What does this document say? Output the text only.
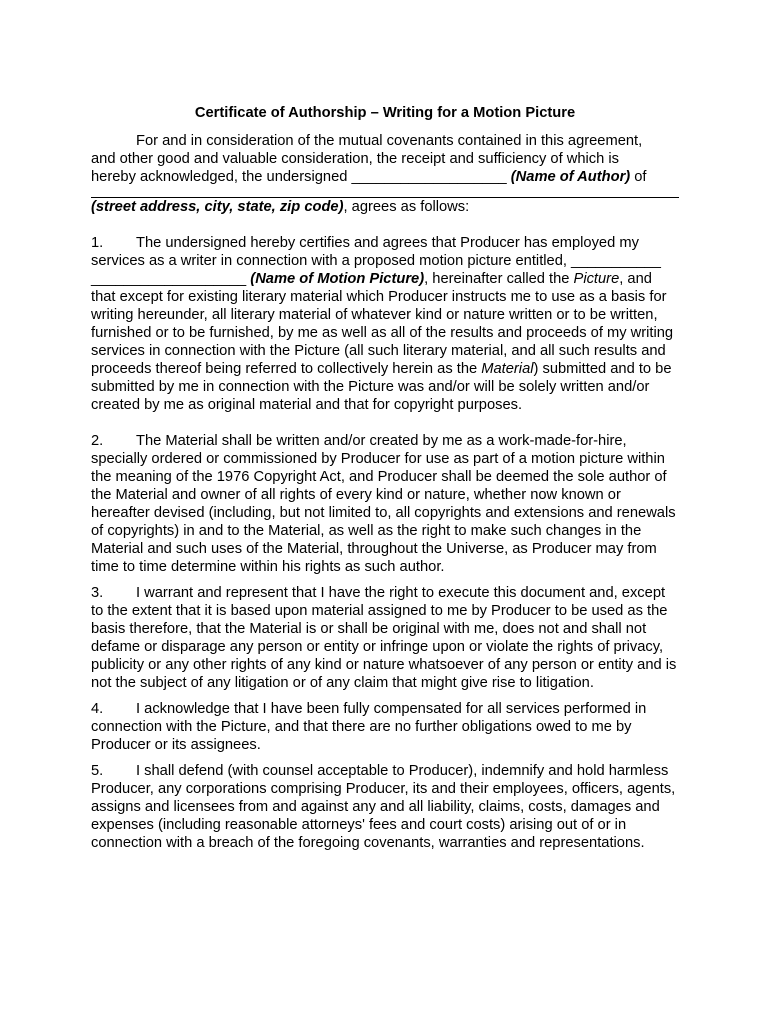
Certificate of Authorship – Writing for a Motion Picture

For and in consideration of the mutual covenants contained in this agreement,

and other good and valuable consideration, the receipt and sufficiency of which is

hereby acknowledged, the undersigned ___________________ (Name of Author) of

(street address, city, state, zip code), agrees as follows:

1. The undersigned hereby certifies and agrees that Producer has employed my services as a writer in connection with a proposed motion picture entitled, ___________ ___________________ (Name of Motion Picture), hereinafter called the Picture, and that except for existing literary material which Producer instructs me to use as a basis for writing hereunder, all literary material of whatever kind or nature written or to be written, furnished or to be furnished, by me as well as all of the results and proceeds of my writing services in connection with the Picture (all such literary material, and all such results and proceeds thereof being referred to collectively herein as the Material) submitted and to be submitted by me in connection with the Picture was and/or will be solely written and/or created by me as original material and that for copyright purposes.

2. The Material shall be written and/or created by me as a work-made-for-hire, specially ordered or commissioned by Producer for use as part of a motion picture within the meaning of the 1976 Copyright Act, and Producer shall be deemed the sole author of the Material and owner of all rights of every kind or nature, whether now known or hereafter devised (including, but not limited to, all copyrights and extensions and renewals of copyrights) in and to the Material, as well as the right to make such changes in the Material and such uses of the Material, throughout the Universe, as Producer may from time to time determine within his rights as such author.

3. I warrant and represent that I have the right to execute this document and, except to the extent that it is based upon material assigned to me by Producer to be used as the basis therefore, that the Material is or shall be original with me, does not and shall not defame or disparage any person or entity or infringe upon or violate the rights of privacy, publicity or any other rights of any kind or nature whatsoever of any person or entity and is not the subject of any litigation or of any claim that might give rise to litigation.

4. I acknowledge that I have been fully compensated for all services performed in connection with the Picture, and that there are no further obligations owed to me by Producer or its assignees.

5. I shall defend (with counsel acceptable to Producer), indemnify and hold harmless Producer, any corporations comprising Producer, its and their employees, officers, agents, assigns and licensees from and against any and all liability, claims, costs, damages and expenses (including reasonable attorneys' fees and court costs) arising out of or in connection with a breach of the foregoing covenants, warranties and representations.
